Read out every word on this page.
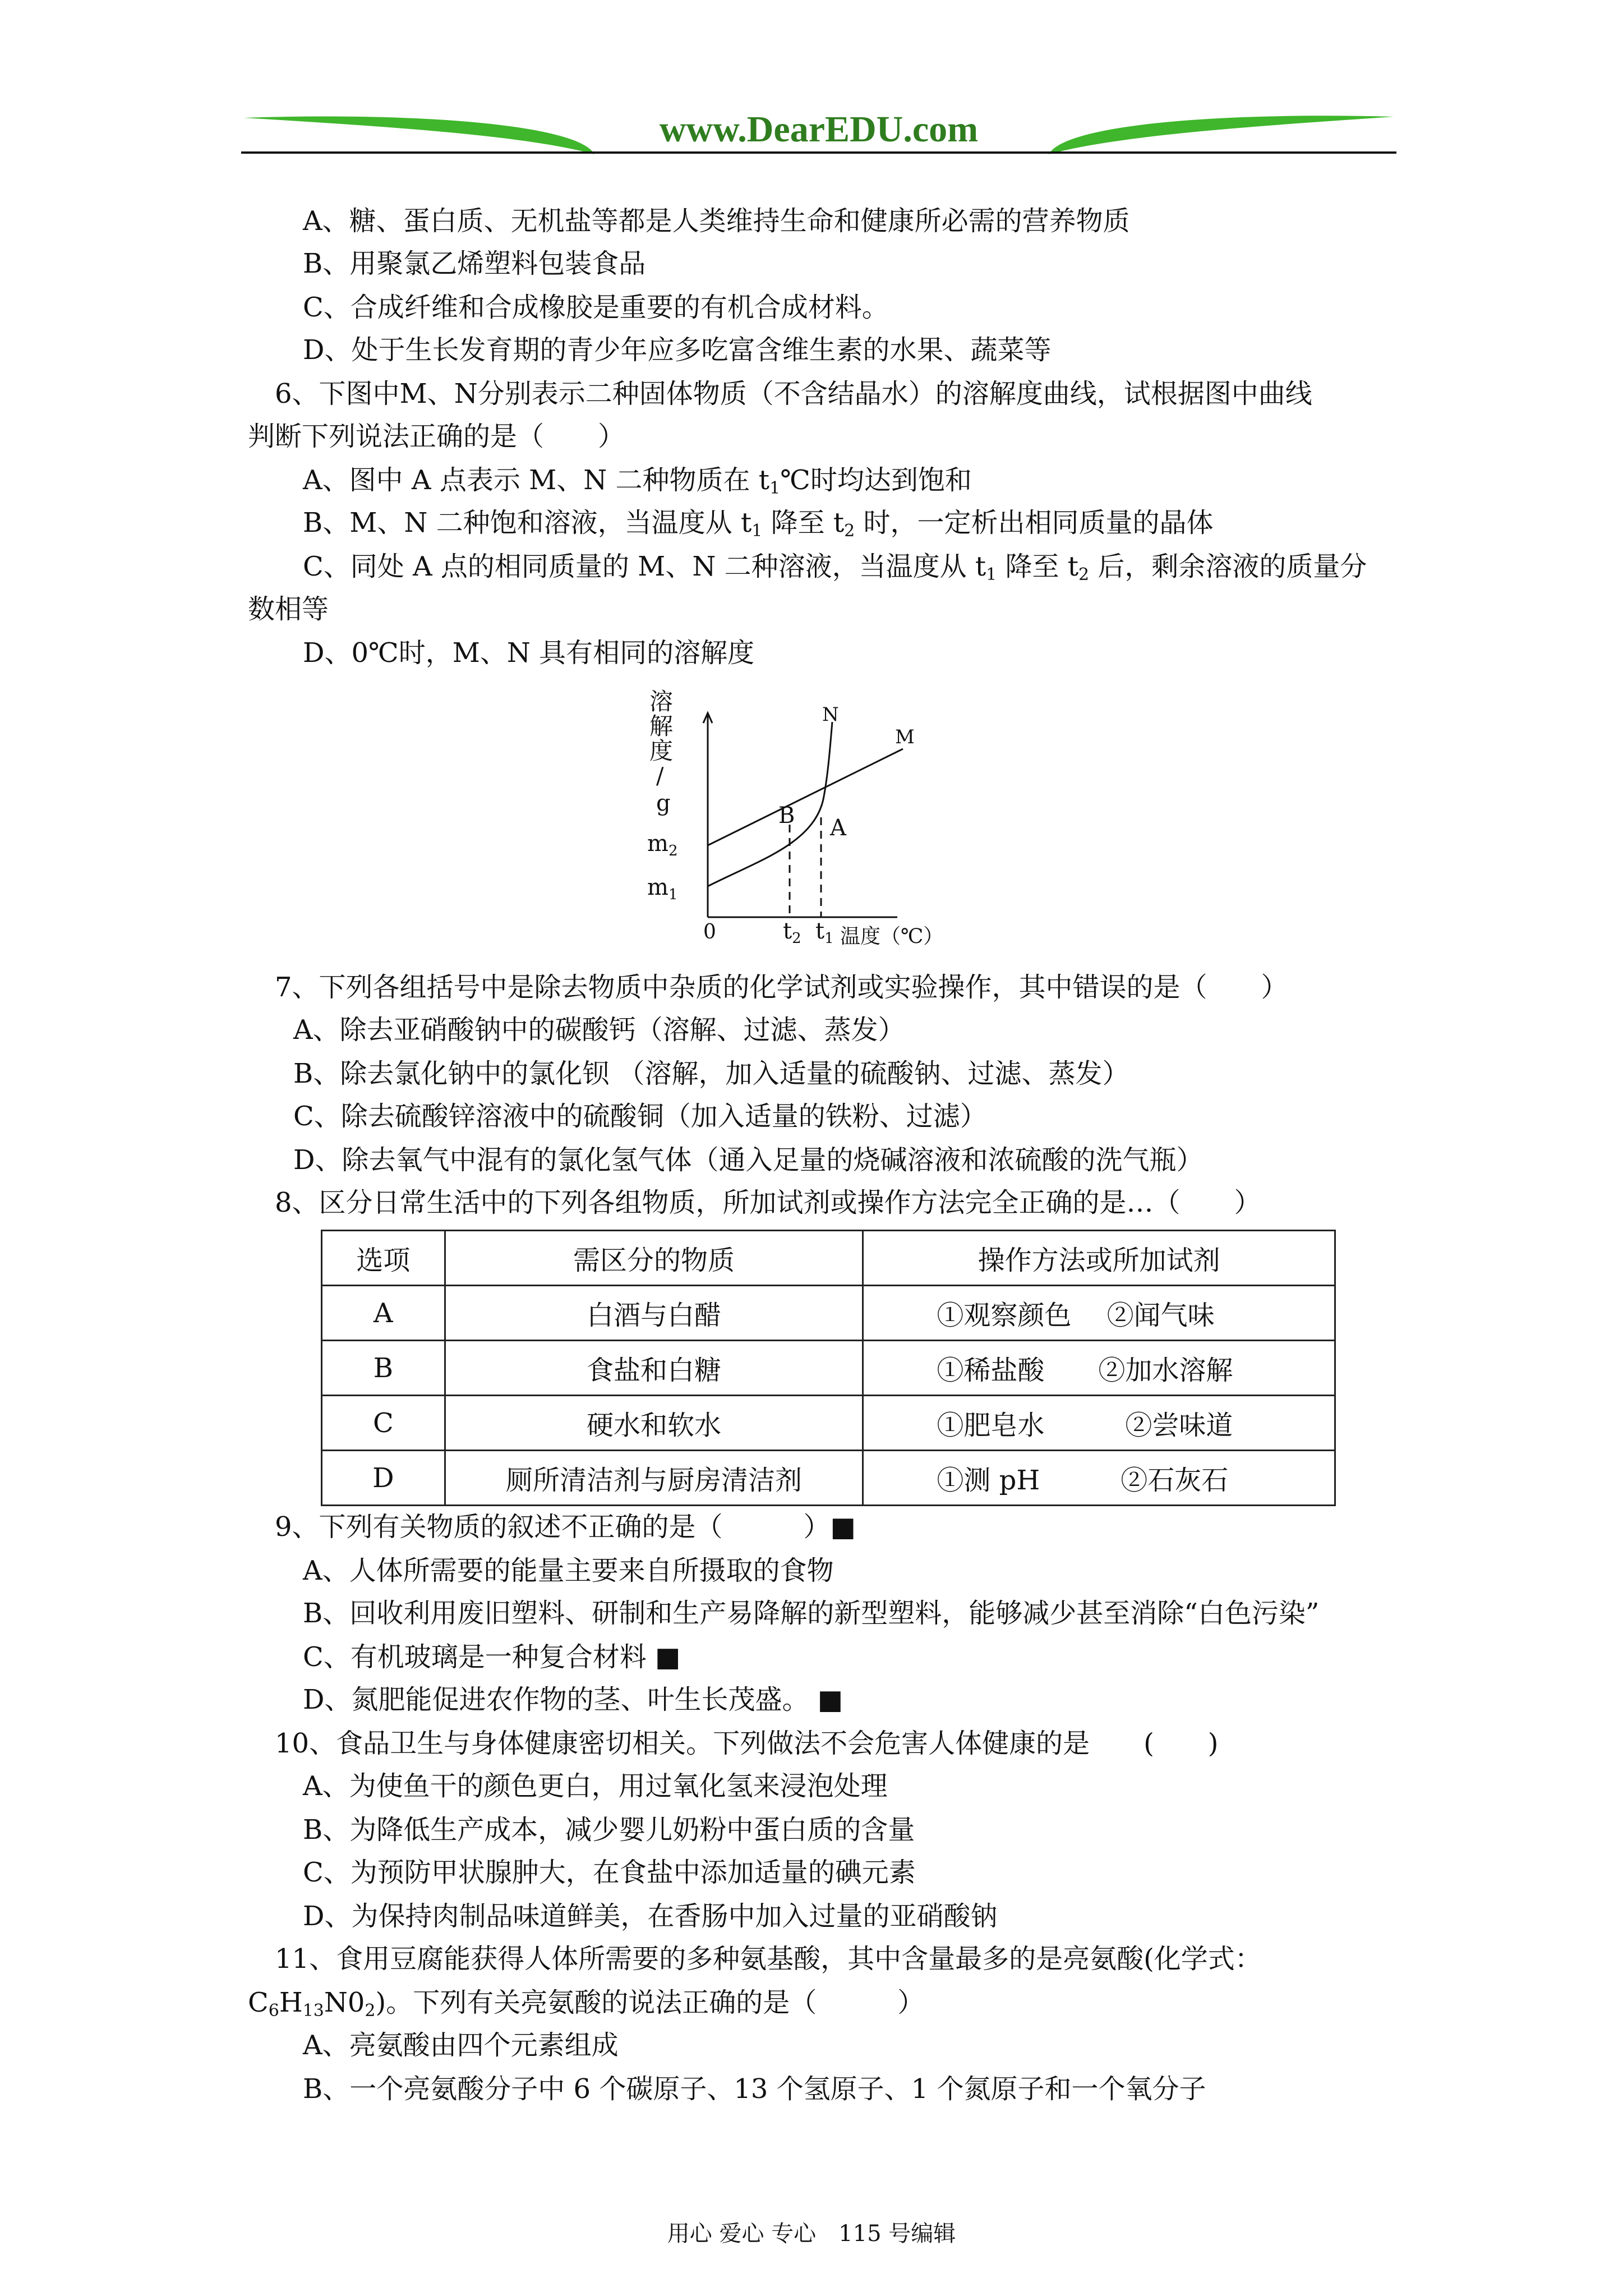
www.DearEDU.com
A、糖、蛋白质、无机盐等都是人类维持生命和健康所必需的营养物质
B、用聚氯乙烯塑料包装食品
C、合成纤维和合成橡胶是重要的有机合成材料。
D、处于生长发育期的青少年应多吃富含维生素的水果、蔬菜等
6、下图中M、N分别表示二种固体物质（不含结晶水）的溶解度曲线，试根据图中曲线
判断下列说法正确的是（　　）
A、图中 A 点表示 M、N 二种物质在 $t_1℃$时均达到饱和
B、M、N 二种饱和溶液，当温度从 $t_1$ 降至 $t_2$ 时，一定析出相同质量的晶体
C、同处 A 点的相同质量的 M、N 二种溶液，当温度从 $t_1$ 降至 $t_2$ 后，剩余溶液的质量分
数相等
D、0℃时，M、N 具有相同的溶解度
溶
解
度
/
g
$m_2$
$m_1$
0	$t_2$ $t_1$ 温度（℃）
N
M
B A
7、下列各组括号中是除去物质中杂质的化学试剂或实验操作，其中错误的是（　　）
A、除去亚硝酸钠中的碳酸钙（溶解、过滤、蒸发）
B、除去氯化钠中的氯化钡 （溶解，加入适量的硫酸钠、过滤、蒸发）
C、除去硫酸锌溶液中的硫酸铜（加入适量的铁粉、过滤）
D、除去氧气中混有的氯化氢气体（通入足量的烧碱溶液和浓硫酸的洗气瓶）
8、区分日常生活中的下列各组物质，所加试剂或操作方法完全正确的是…（　　）
选项	需区分的物质	操作方法或所加试剂
A	白酒与白醋	①观察颜色　 ②闻气味
B	食盐和白糖	①稀盐酸　　②加水溶解
C	硬水和软水	①肥皂水　　　②尝味道
D	厕所清洁剂与厨房清洁剂	①测 pH　　　②石灰石
9、下列有关物质的叙述不正确的是（　　　）■
A、人体所需要的能量主要来自所摄取的食物
B、回收利用废旧塑料、研制和生产易降解的新型塑料，能够减少甚至消除“白色污染”
C、有机玻璃是一种复合材料 ■
D、氮肥能促进农作物的茎、叶生长茂盛。 ■
10、食品卫生与身体健康密切相关。下列做法不会危害人体健康的是　　(　　)
A、为使鱼干的颜色更白，用过氧化氢来浸泡处理
B、为降低生产成本，减少婴儿奶粉中蛋白质的含量
C、为预防甲状腺肿大，在食盐中添加适量的碘元素
D、为保持肉制品味道鲜美，在香肠中加入过量的亚硝酸钠
11、食用豆腐能获得人体所需要的多种氨基酸，其中含量最多的是亮氨酸(化学式：
$C_6H_{13}N0_2$)。下列有关亮氨酸的说法正确的是（　　　）
A、亮氨酸由四个元素组成
B、一个亮氨酸分子中 6 个碳原子、13 个氢原子、1 个氮原子和一个氧分子
用心 爱心 专心　115 号编辑
